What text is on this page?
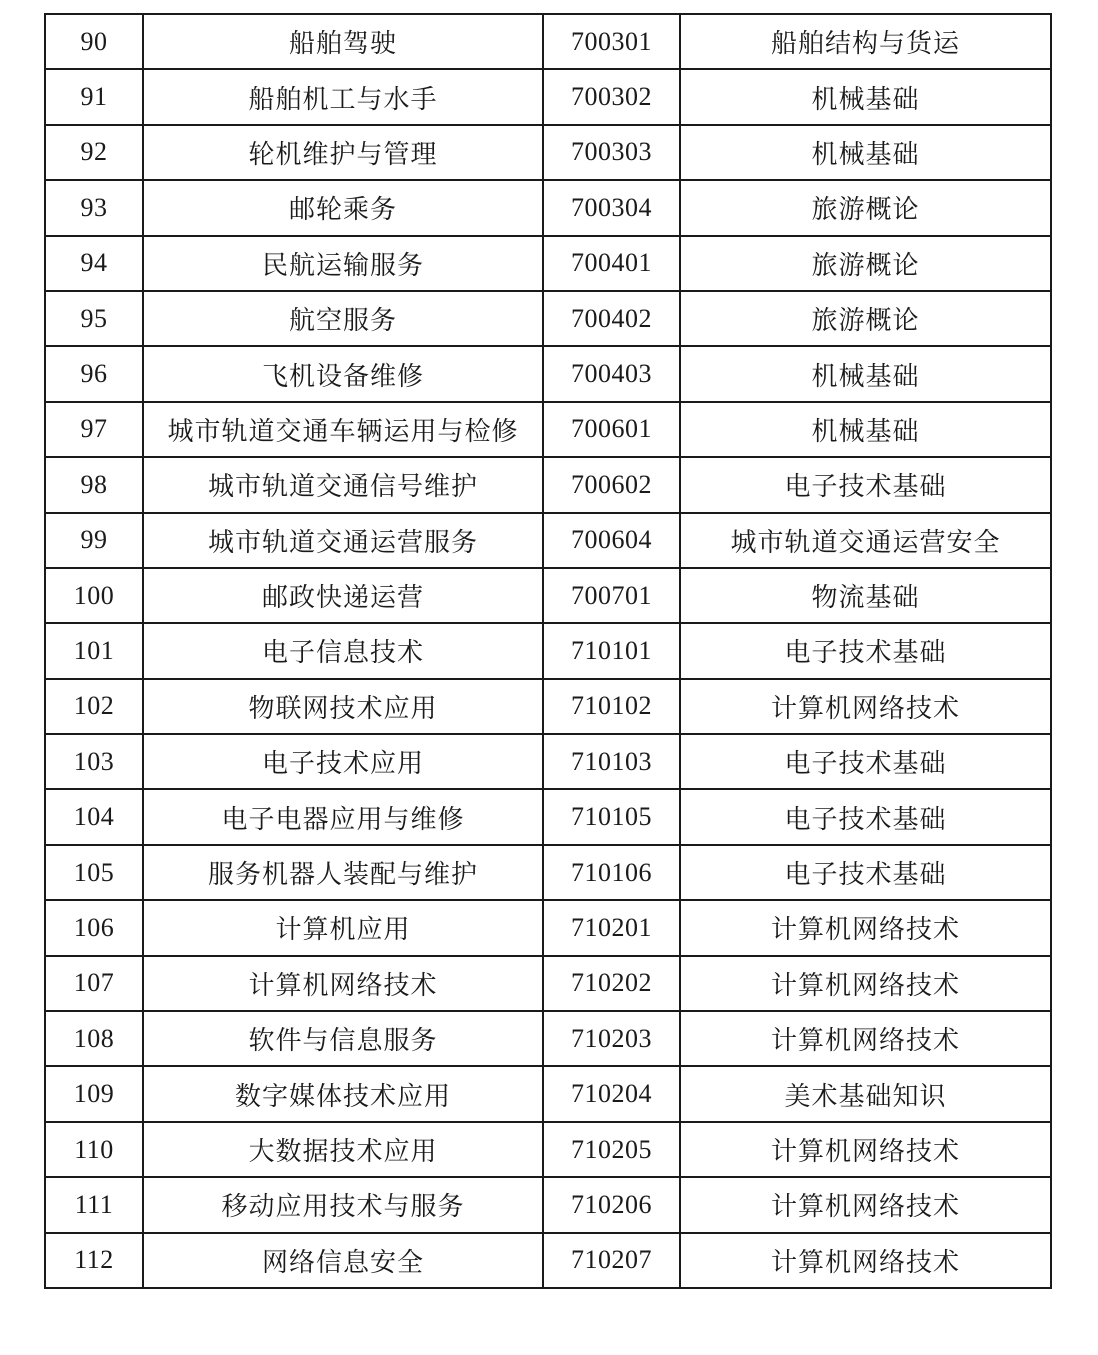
90	船舶驾驶	700301	船舶结构与货运
91	船舶机工与水手	700302	机械基础
92	轮机维护与管理	700303	机械基础
93	邮轮乘务	700304	旅游概论
94	民航运输服务	700401	旅游概论
95	航空服务	700402	旅游概论
96	飞机设备维修	700403	机械基础
97	城市轨道交通车辆运用与检修	700601	机械基础
98	城市轨道交通信号维护	700602	电子技术基础
99	城市轨道交通运营服务	700604	城市轨道交通运营安全
100	邮政快递运营	700701	物流基础
101	电子信息技术	710101	电子技术基础
102	物联网技术应用	710102	计算机网络技术
103	电子技术应用	710103	电子技术基础
104	电子电器应用与维修	710105	电子技术基础
105	服务机器人装配与维护	710106	电子技术基础
106	计算机应用	710201	计算机网络技术
107	计算机网络技术	710202	计算机网络技术
108	软件与信息服务	710203	计算机网络技术
109	数字媒体技术应用	710204	美术基础知识
110	大数据技术应用	710205	计算机网络技术
111	移动应用技术与服务	710206	计算机网络技术
112	网络信息安全	710207	计算机网络技术
